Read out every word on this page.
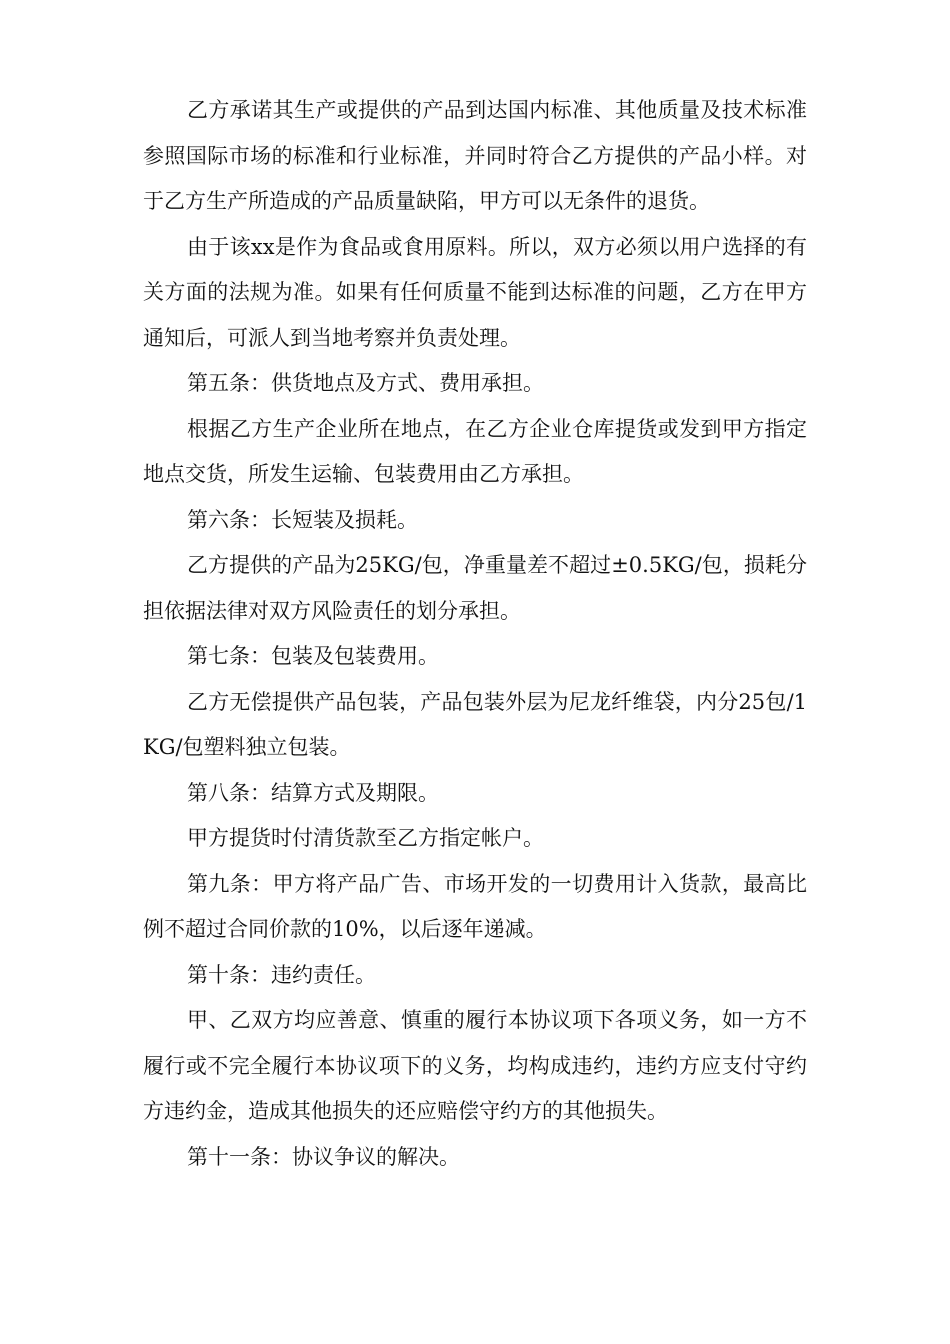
乙方承诺其生产或提供的产品到达国内标准、其他质量及技术标准参照国际市场的标准和行业标准，并同时符合乙方提供的产品小样。对于乙方生产所造成的产品质量缺陷，甲方可以无条件的退货。

由于该xx是作为食品或食用原料。所以，双方必须以用户选择的有关方面的法规为准。如果有任何质量不能到达标准的问题，乙方在甲方通知后，可派人到当地考察并负责处理。

第五条：供货地点及方式、费用承担。

根据乙方生产企业所在地点，在乙方企业仓库提货或发到甲方指定地点交货，所发生运输、包装费用由乙方承担。

第六条：长短装及损耗。

乙方提供的产品为25KG/包，净重量差不超过±0.5KG/包，损耗分担依据法律对双方风险责任的划分承担。

第七条：包装及包装费用。

乙方无偿提供产品包装，产品包装外层为尼龙纤维袋，内分25包/1KG/包塑料独立包装。

第八条：结算方式及期限。

甲方提货时付清货款至乙方指定帐户。

第九条：甲方将产品广告、市场开发的一切费用计入货款，最高比例不超过合同价款的10%，以后逐年递减。

第十条：违约责任。

甲、乙双方均应善意、慎重的履行本协议项下各项义务，如一方不履行或不完全履行本协议项下的义务，均构成违约，违约方应支付守约方违约金，造成其他损失的还应赔偿守约方的其他损失。

第十一条：协议争议的解决。
